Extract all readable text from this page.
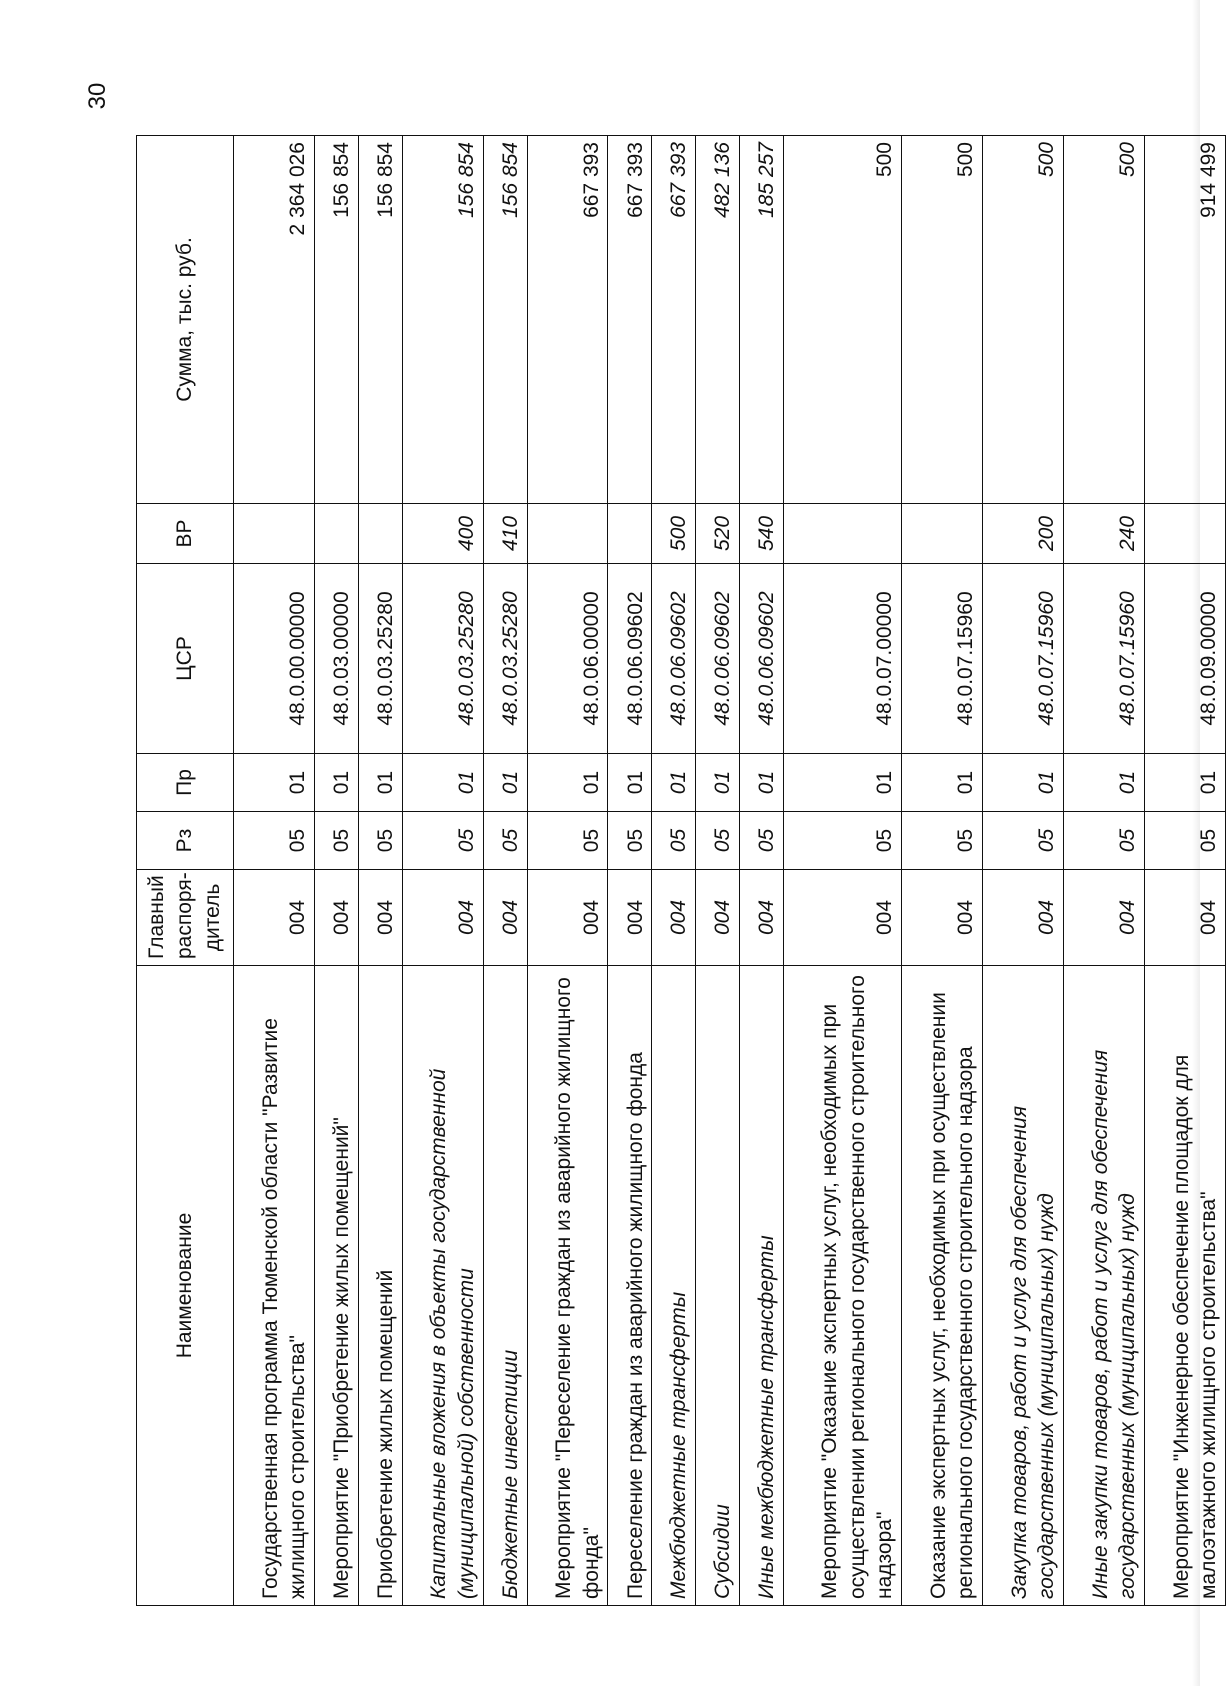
30
Наименование	Главный распоря-дитель	Рз	Пр	ЦСР	ВР	Сумма, тыс. руб.
Государственная программа Тюменской области "Развитие жилищного строительства"	004	05	01	48.0.00.00000		2 364 026
Мероприятие "Приобретение жилых помещений"	004	05	01	48.0.03.00000		156 854
Приобретение жилых помещений	004	05	01	48.0.03.25280		156 854
Капитальные вложения в объекты государственной (муниципальной) собственности	004	05	01	48.0.03.25280	400	156 854
Бюджетные инвестиции	004	05	01	48.0.03.25280	410	156 854
Мероприятие "Переселение граждан из аварийного жилищного фонда"	004	05	01	48.0.06.00000		667 393
Переселение граждан из аварийного жилищного фонда	004	05	01	48.0.06.09602		667 393
Межбюджетные трансферты	004	05	01	48.0.06.09602	500	667 393
Субсидии	004	05	01	48.0.06.09602	520	482 136
Иные межбюджетные трансферты	004	05	01	48.0.06.09602	540	185 257
Мероприятие "Оказание экспертных услуг, необходимых при осуществлении регионального государственного строительного надзора"	004	05	01	48.0.07.00000		500
Оказание экспертных услуг, необходимых при осуществлении регионального государственного строительного надзора	004	05	01	48.0.07.15960		500
Закупка товаров, работ и услуг для обеспечения государственных (муниципальных) нужд	004	05	01	48.0.07.15960	200	500
Иные закупки товаров, работ и услуг для обеспечения государственных (муниципальных) нужд	004	05	01	48.0.07.15960	240	500
Мероприятие "Инженерное обеспечение площадок для малоэтажного жилищного строительства"	004	05	01	48.0.09.00000		914 499
